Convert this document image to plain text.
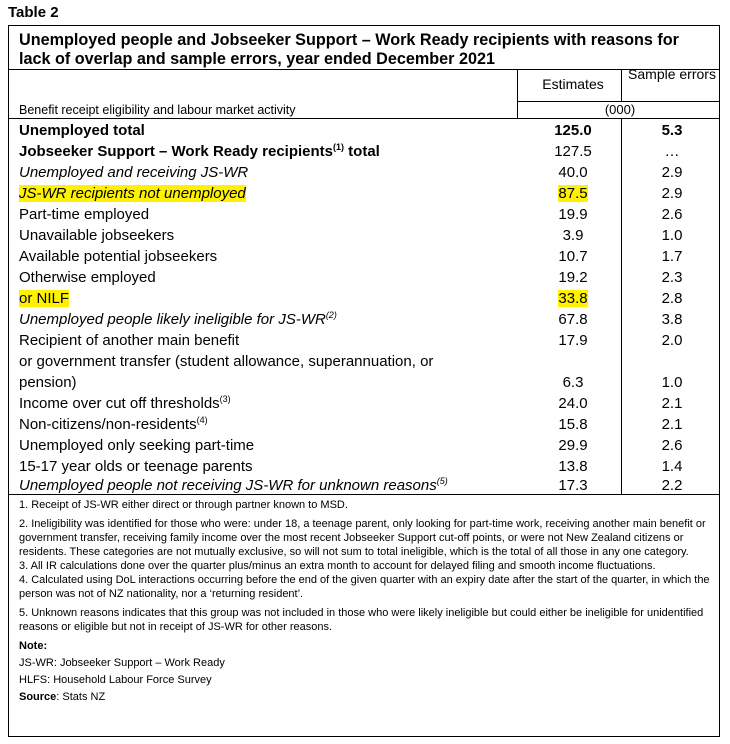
Table 2
Unemployed people and Jobseeker Support – Work Ready recipients with reasons for lack of overlap and sample errors, year ended December 2021
Estimates
Sample errors
(000)
Benefit receipt eligibility and labour market activity
Unemployed total	125.0	5.3
Jobseeker Support – Work Ready recipients$^{(1)}$ total	127.5	…
Unemployed and receiving JS-WR	40.0	2.9
JS-WR recipients not unemployed	87.5	2.9
Part-time employed	19.9	2.6
Unavailable jobseekers	3.9	1.0
Available potential jobseekers	10.7	1.7
Otherwise employed	19.2	2.3
or NILF	33.8	2.8
Unemployed people likely ineligible for JS-WR$^{(2)}$	67.8	3.8
Recipient of another main benefit	17.9	2.0
or government transfer (student allowance, superannuation, or
pension)	6.3	1.0
Income over cut off thresholds$^{(3)}$	24.0	2.1
Non-citizens/non-residents$^{(4)}$	15.8	2.1
Unemployed only seeking part-time	29.9	2.6
15-17 year olds or teenage parents	13.8	1.4
Unemployed people not receiving JS-WR for unknown reasons$^{(5)}$	17.3	2.2

1. Receipt of JS-WR either direct or through partner known to MSD.

2. Ineligibility was identified for those who were: under 18, a teenage parent, only looking for part-time work, receiving another main benefit or government transfer, receiving family income over the most recent Jobseeker Support cut-off points, or were not New Zealand citizens or residents. These categories are not mutually exclusive, so will not sum to total ineligible, which is the total of all those in any one category.

3. All IR calculations done over the quarter plus/minus an extra month to account for delayed filing and smooth income fluctuations.

4. Calculated using DoL interactions occurring before the end of the given quarter with an expiry date after the start of the quarter, in which the person was not of NZ nationality, nor a ‘returning resident’.

5. Unknown reasons indicates that this group was not included in those who were likely ineligible but could either be ineligible for unidentified reasons or eligible but not in receipt of JS-WR for other reasons.

Note:

JS-WR: Jobseeker Support – Work Ready

HLFS: Household Labour Force Survey

Source: Stats NZ
